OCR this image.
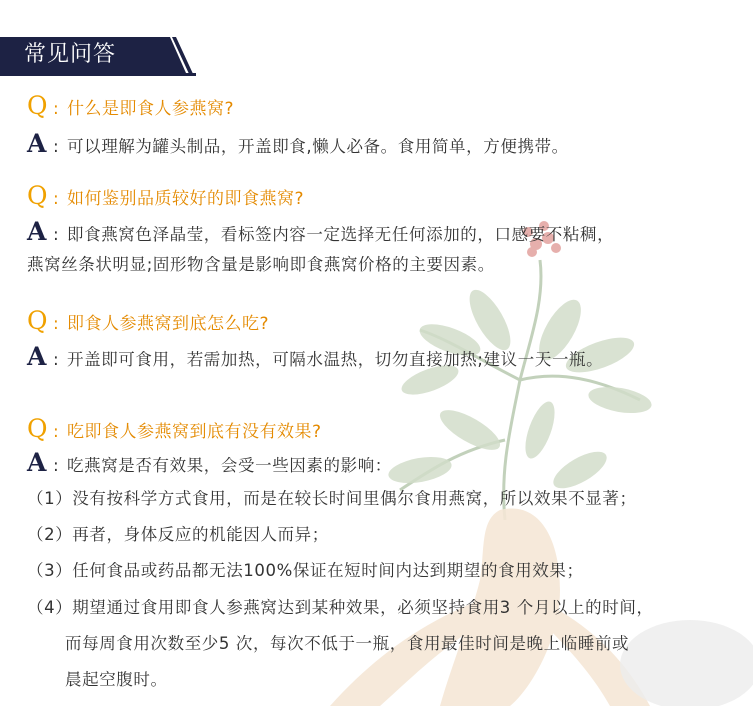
常见问答
Q : 什么是即食人参燕窝?
A : 可以理解为罐头制品，开盖即食,懒人必备。食用简单，方便携带。
Q : 如何鉴别品质较好的即食燕窝?
A : 即食燕窝色泽晶莹，看标签内容一定选择无任何添加的，口感要不粘稠，
燕窝丝条状明显;固形物含量是影响即食燕窝价格的主要因素。
Q : 即食人参燕窝到底怎么吃?
A : 开盖即可食用，若需加热，可隔水温热，切勿直接加热;建议一天一瓶。
Q : 吃即食人参燕窝到底有没有效果?
A : 吃燕窝是否有效果，会受一些因素的影响：
（1）没有按科学方式食用，而是在较长时间里偶尔食用燕窝，所以效果不显著；
（2）再者，身体反应的机能因人而异；
（3）任何食品或药品都无法100%保证在短时间内达到期望的食用效果；
（4）期望通过食用即食人参燕窝达到某种效果，必须坚持食用3 个月以上的时间，
而每周食用次数至少5 次，每次不低于一瓶，食用最佳时间是晚上临睡前或
晨起空腹时。
